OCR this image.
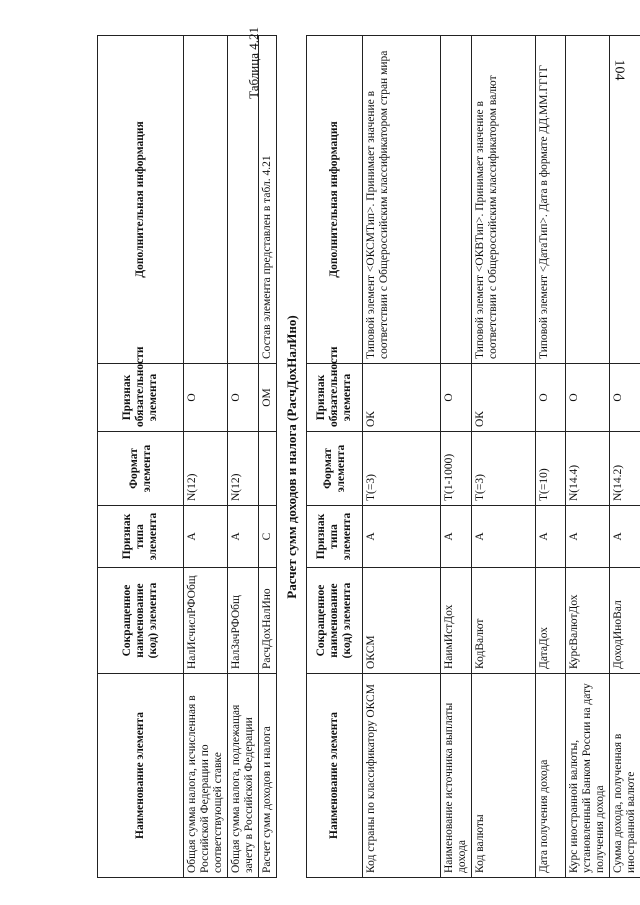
104
Наименование элемента	Сокращенное наименование (код) элемента	Признак типа элемента	Формат элемента	Признак обязательности элемента	Дополнительная информация
Общая сумма налога, исчисленная в Российской Федерации по соответствующей ставке	НалИсчислРФОбщ	А	N(12)	О	
Общая сумма налога, подлежащая зачету в Российской Федерации	НалЗачРФОбщ	А	N(12)	О	
Расчет сумм доходов и налога	РасчДохНалИно	С		ОМ	Состав элемента представлен в табл. 4.21
Таблица 4.21
Расчет сумм доходов и налога (РасчДохНалИно)
Наименование элемента	Сокращенное наименование (код) элемента	Признак типа элемента	Формат элемента	Признак обязательности элемента	Дополнительная информация
Код страны по классификатору ОКСМ	ОКСМ	А	T(=3)	ОК	Типовой элемент <ОКСМТип>. Принимает значение в соответствии с Общероссийским классификатором стран мира
Наименование источника выплаты дохода	НаимИстДох	А	T(1-1000)	О	
Код валюты	КодВалют	А	T(=3)	ОК	Типовой элемент <ОКВТип>. Принимает значение в соответствии с Общероссийским классификатором валют
Дата получения дохода	ДатаДох	А	T(=10)	О	Типовой элемент <ДатаТип>. Дата в формате ДД.ММ.ГГГГ
Курс иностранной валюты, установленный Банком России на дату получения дохода	КурсВалютДох	А	N(14.4)	О	
Сумма дохода, полученная в иностранной валюте	ДоходИноВал	А	N(14.2)	О	
